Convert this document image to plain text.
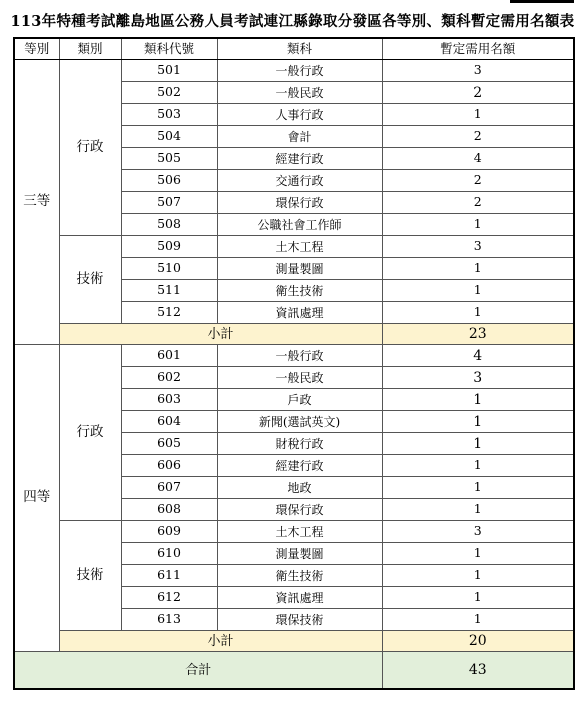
113年特種考試離島地區公務人員考試連江縣錄取分發區各等別、類科暫定需用名額表
等別	類別	類科代號	類科	暫定需用名額
三等	行政	501	一般行政	3
		502	一般民政	2
		503	人事行政	1
		504	會計	2
		505	經建行政	4
		506	交通行政	2
		507	環保行政	2
		508	公職社會工作師	1
	技術	509	土木工程	3
		510	測量製圖	1
		511	衛生技術	1
		512	資訊處理	1
	小計			23
四等	行政	601	一般行政	4
		602	一般民政	3
		603	戶政	1
		604	新聞(選試英文)	1
		605	財稅行政	1
		606	經建行政	1
		607	地政	1
		608	環保行政	1
	技術	609	土木工程	3
		610	測量製圖	1
		611	衛生技術	1
		612	資訊處理	1
		613	環保技術	1
	小計			20
合計				43
